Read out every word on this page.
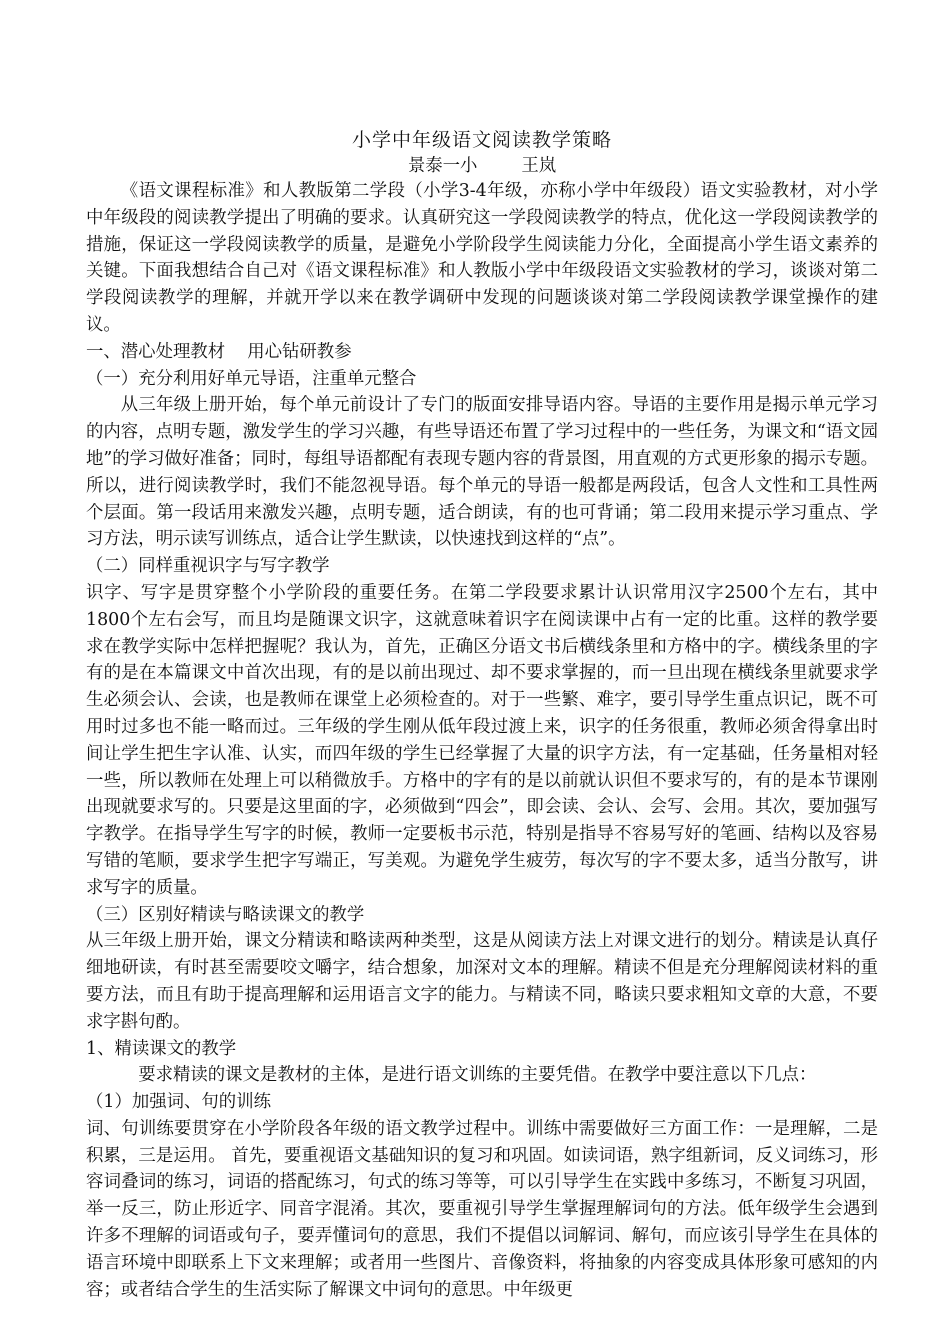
小学中年级语文阅读教学策略

景泰一小	王岚

《语文课程标准》和人教版第二学段（小学3-4年级，亦称小学中年级段）语文实验教材，对小学中年级段的阅读教学提出了明确的要求。认真研究这一学段阅读教学的特点，优化这一学段阅读教学的措施，保证这一学段阅读教学的质量，是避免小学阶段学生阅读能力分化，全面提高小学生语文素养的关键。下面我想结合自己对《语文课程标准》和人教版小学中年级段语文实验教材的学习，谈谈对第二学段阅读教学的理解，并就开学以来在教学调研中发现的问题谈谈对第二学段阅读教学课堂操作的建议。

一、潜心处理教材    用心钻研教参

（一）充分利用好单元导语，注重单元整合

从三年级上册开始，每个单元前设计了专门的版面安排导语内容。导语的主要作用是揭示单元学习的内容，点明专题，激发学生的学习兴趣，有些导语还布置了学习过程中的一些任务，为课文和“语文园地”的学习做好准备；同时，每组导语都配有表现专题内容的背景图，用直观的方式更形象的揭示专题。所以，进行阅读教学时，我们不能忽视导语。每个单元的导语一般都是两段话，包含人文性和工具性两个层面。第一段话用来激发兴趣，点明专题，适合朗读，有的也可背诵；第二段用来提示学习重点、学习方法，明示读写训练点，适合让学生默读，以快速找到这样的“点”。

（二）同样重视识字与写字教学

识字、写字是贯穿整个小学阶段的重要任务。在第二学段要求累计认识常用汉字2500个左右，其中1800个左右会写，而且均是随课文识字，这就意味着识字在阅读课中占有一定的比重。这样的教学要求在教学实际中怎样把握呢？我认为，首先，正确区分语文书后横线条里和方格中的字。横线条里的字有的是在本篇课文中首次出现，有的是以前出现过、却不要求掌握的，而一旦出现在横线条里就要求学生必须会认、会读，也是教师在课堂上必须检查的。对于一些繁、难字，要引导学生重点识记，既不可用时过多也不能一略而过。三年级的学生刚从低年段过渡上来，识字的任务很重，教师必须舍得拿出时间让学生把生字认准、认实，而四年级的学生已经掌握了大量的识字方法，有一定基础，任务量相对轻一些，所以教师在处理上可以稍微放手。方格中的字有的是以前就认识但不要求写的，有的是本节课刚出现就要求写的。只要是这里面的字，必须做到“四会”，即会读、会认、会写、会用。其次，要加强写字教学。在指导学生写字的时候，教师一定要板书示范，特别是指导不容易写好的笔画、结构以及容易写错的笔顺，要求学生把字写端正，写美观。为避免学生疲劳，每次写的字不要太多，适当分散写，讲求写字的质量。

（三）区别好精读与略读课文的教学

从三年级上册开始，课文分精读和略读两种类型，这是从阅读方法上对课文进行的划分。精读是认真仔细地研读，有时甚至需要咬文嚼字，结合想象，加深对文本的理解。精读不但是充分理解阅读材料的重要方法，而且有助于提高理解和运用语言文字的能力。与精读不同，略读只要求粗知文章的大意，不要求字斟句酌。

1、精读课文的教学

要求精读的课文是教材的主体，是进行语文训练的主要凭借。在教学中要注意以下几点：

（1）加强词、句的训练

词、句训练要贯穿在小学阶段各年级的语文教学过程中。训练中需要做好三方面工作：一是理解，二是积累，三是运用。 首先，要重视语文基础知识的复习和巩固。如读词语，熟字组新词，反义词练习，形容词叠词的练习，词语的搭配练习，句式的练习等等，可以引导学生在实践中多练习，不断复习巩固，举一反三，防止形近字、同音字混淆。其次，要重视引导学生掌握理解词句的方法。低年级学生会遇到许多不理解的词语或句子，要弄懂词句的意思，我们不提倡以词解词、解句，而应该引导学生在具体的语言环境中即联系上下文来理解；或者用一些图片、音像资料，将抽象的内容变成具体形象可感知的内容；或者结合学生的生活实际了解课文中词句的意思。中年级更
